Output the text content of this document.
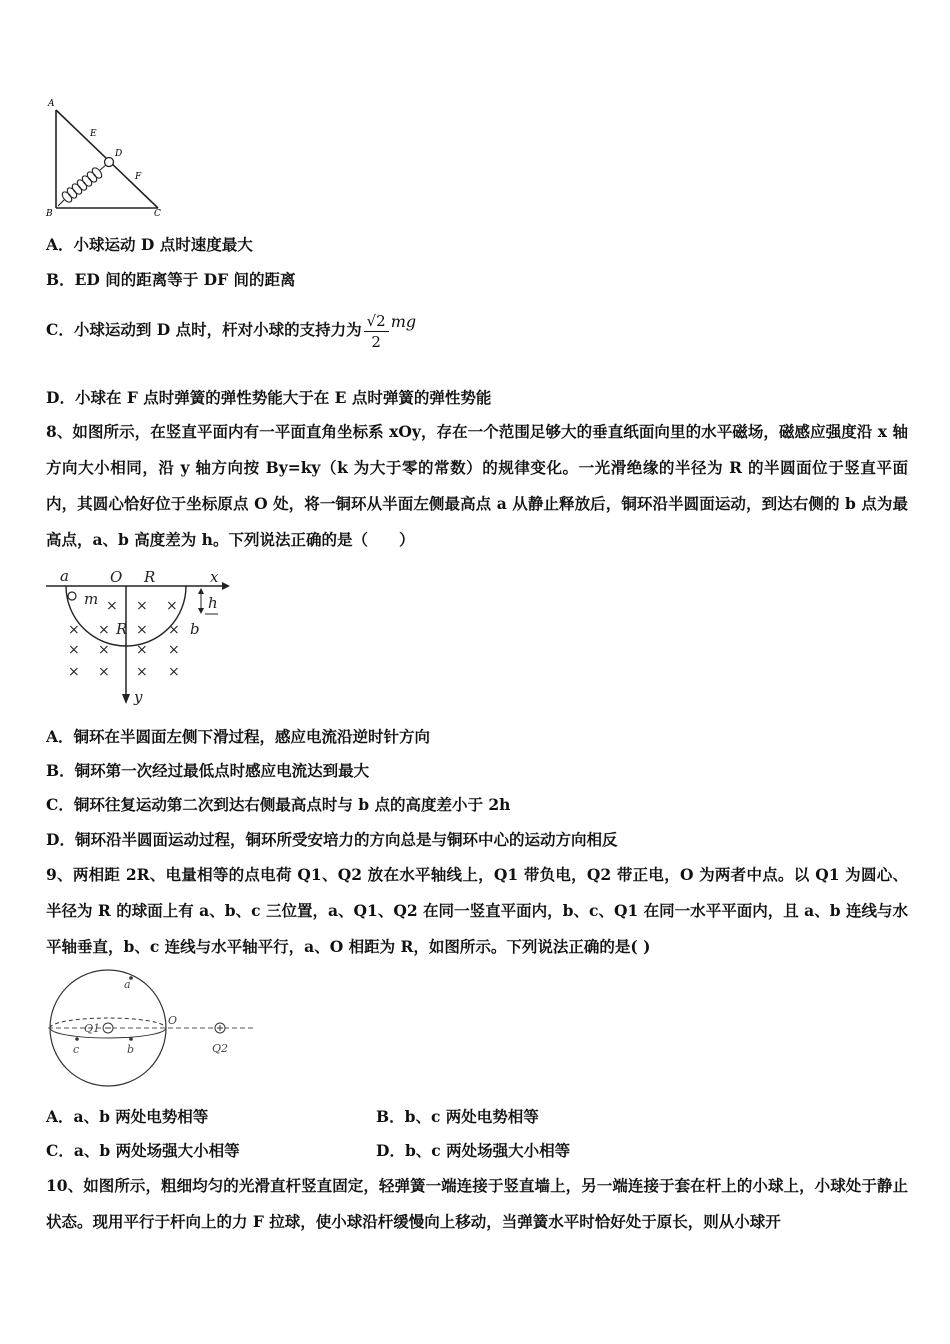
A
E
D
F
B	C
A．小球运动 D 点时速度最大
B．ED 间的距离等于 DF 间的距离
C．小球运动到 D 点时，杆对小球的支持力为 $\frac{√2}{2}$ mg
D．小球在 F 点时弹簧的弹性势能大于在 E 点时弹簧的弹性势能
8、如图所示，在竖直平面内有一平面直角坐标系 xOy，存在一个范围足够大的垂直纸面向里的水平磁场，磁感应强度沿 x 轴方向大小相同，沿 y 轴方向按 By=ky（k 为大于零的常数）的规律变化。一光滑绝缘的半径为 R 的半圆面位于竖直平面内，其圆心恰好位于坐标原点 O 处，将一铜环从半面左侧最高点 a 从静止释放后，铜环沿半圆面运动，到达右侧的 b 点为最高点，a、b 高度差为 h。下列说法正确的是（　　）
× × ×
× × × ×
× × × ×
× × × ×
a	O R	x
m
R
h
b
y
A．铜环在半圆面左侧下滑过程，感应电流沿逆时针方向
B．铜环第一次经过最低点时感应电流达到最大
C．铜环往复运动第二次到达右侧最高点时与 b 点的高度差小于 2h
D．铜环沿半圆面运动过程，铜环所受安培力的方向总是与铜环中心的运动方向相反
9、两相距 2R、电量相等的点电荷 Q1、Q2 放在水平轴线上，Q1 带负电，Q2 带正电，O 为两者中点。以 Q1 为圆心、半径为 R 的球面上有 a、b、c 三位置，a、Q1、Q2 在同一竖直平面内，b、c、Q1 在同一水平平面内，且 a、b 连线与水平轴垂直，b、c 连线与水平轴平行，a、O 相距为 R，如图所示。下列说法正确的是( )
a
Q1
O
Q2
c	b
A．a、b 两处电势相等	B．b、c 两处电势相等
C．a、b 两处场强大小相等	D．b、c 两处场强大小相等
10、如图所示，粗细均匀的光滑直杆竖直固定，轻弹簧一端连接于竖直墙上，另一端连接于套在杆上的小球上，小球处于静止状态。现用平行于杆向上的力 F 拉球，使小球沿杆缓慢向上移动，当弹簧水平时恰好处于原长，则从小球开
